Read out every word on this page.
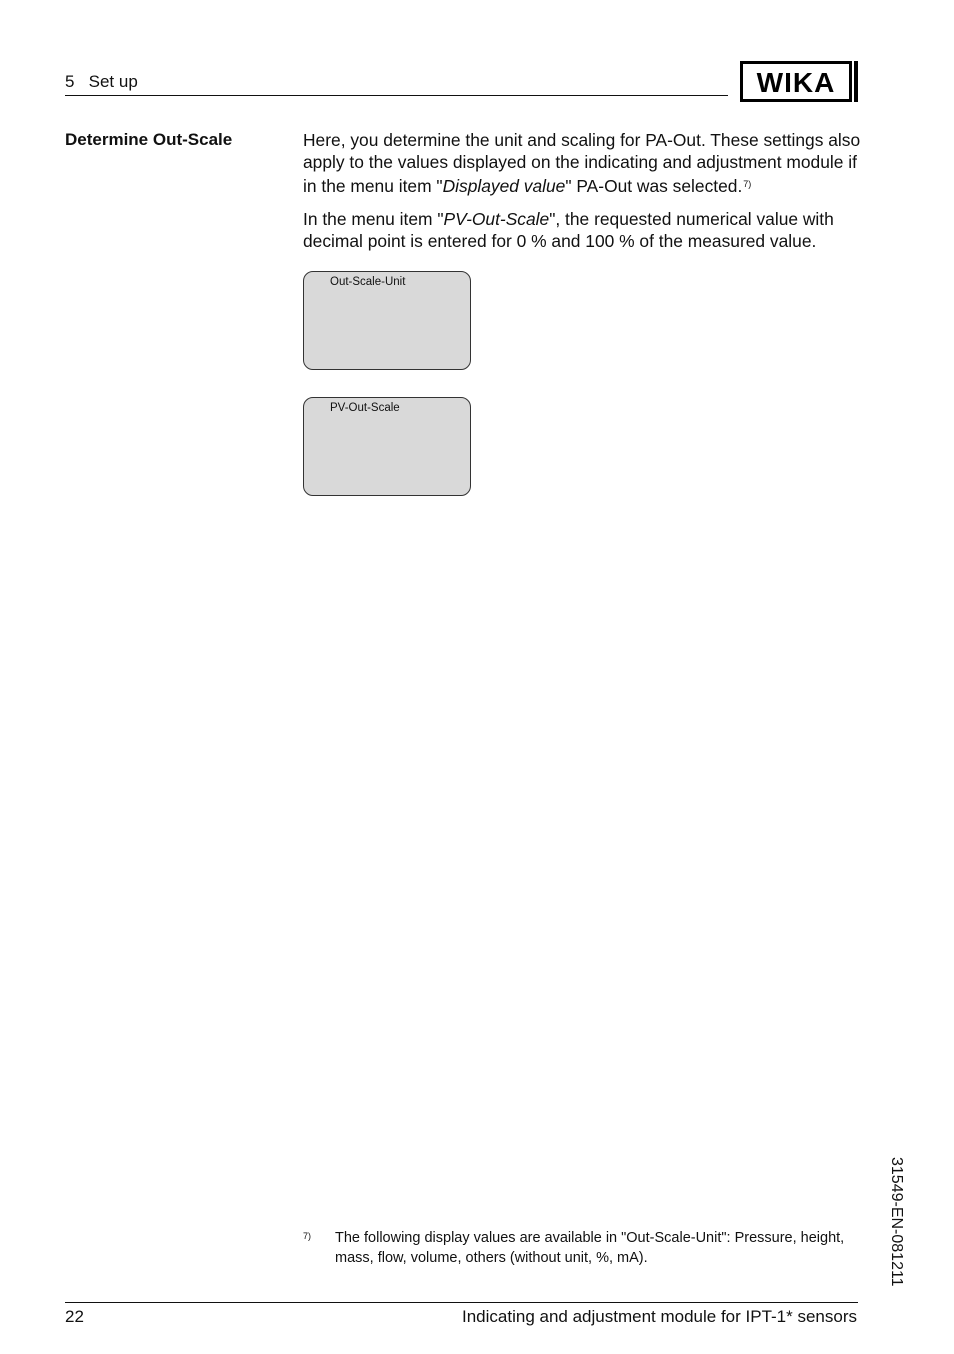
5   Set up	WIKA
Determine Out-Scale	Here, you determine the unit and scaling for PA-Out. These settings also apply to the values displayed on the indicating and adjustment module if in the menu item "Displayed value" PA-Out was selected.$^{7)}$
In the menu item "PV-Out-Scale", the requested numerical value with decimal point is entered for 0 % and 100 % of the measured value.
Out-Scale-Unit
PV-Out-Scale
7) The following display values are available in "Out-Scale-Unit": Pressure, height, mass, flow, volume, others (without unit, %, mA).	31549-EN-081211
22	Indicating and adjustment module for IPT-1* sensors
